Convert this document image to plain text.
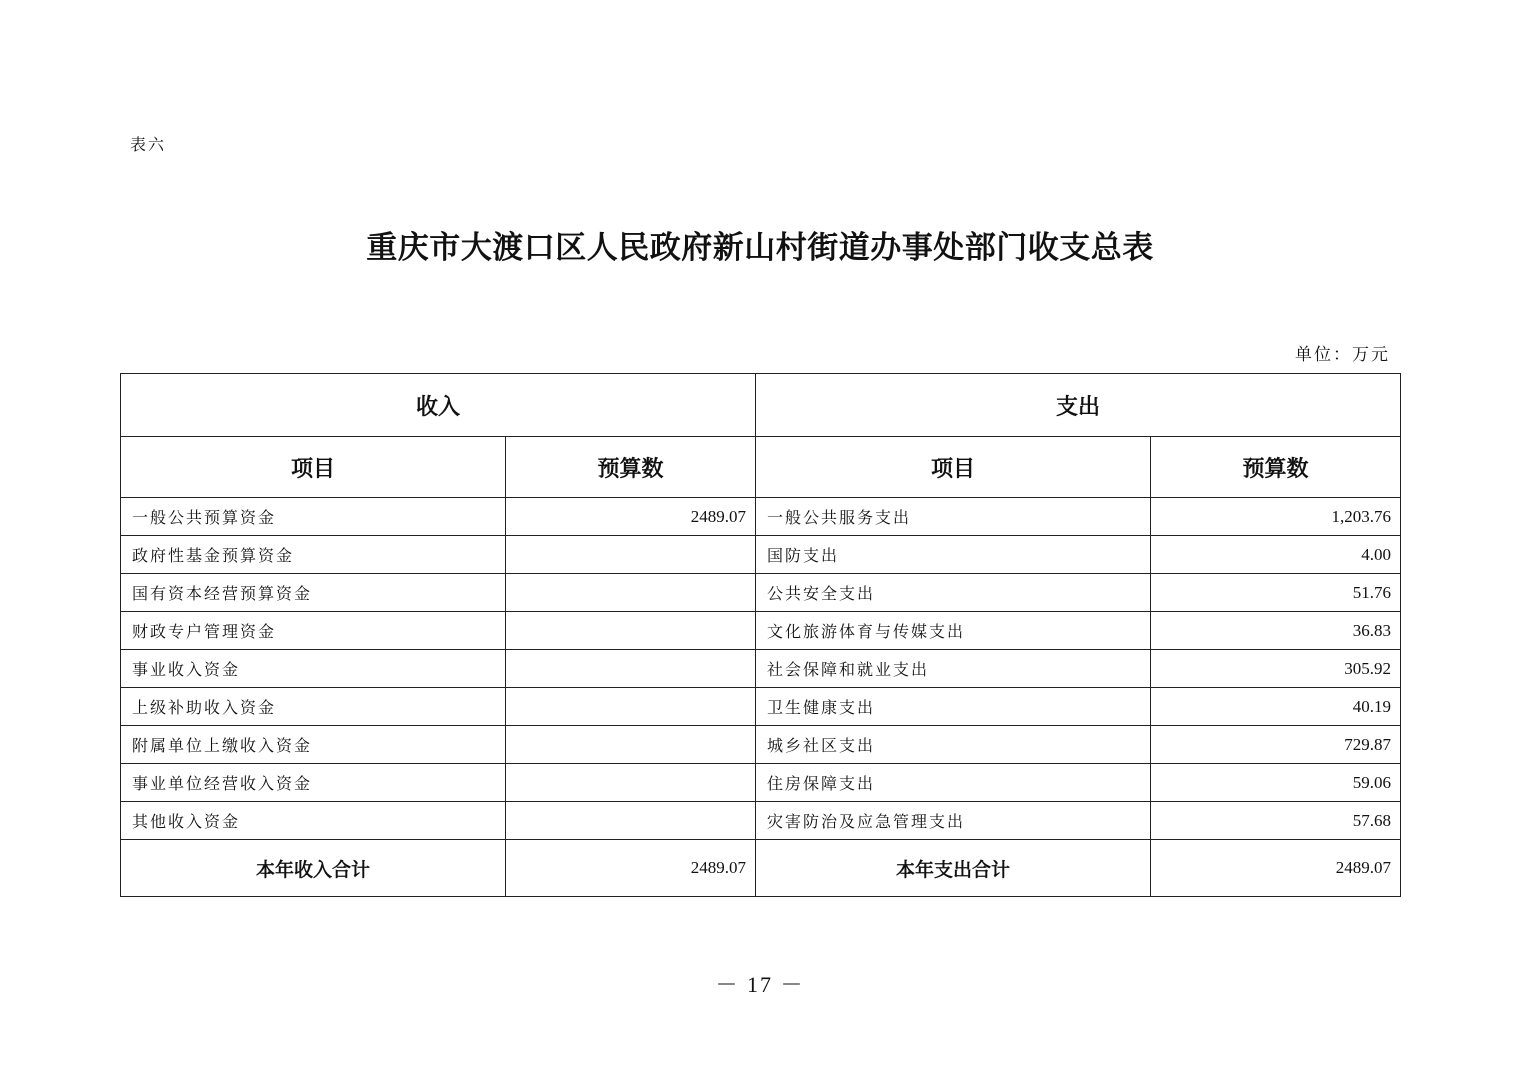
表六
重庆市大渡口区人民政府新山村街道办事处部门收支总表
单位：万元
收入		支出	
项目	预算数	项目	预算数
一般公共预算资金	2489.07	一般公共服务支出	1,203.76
政府性基金预算资金		国防支出	4.00
国有资本经营预算资金		公共安全支出	51.76
财政专户管理资金		文化旅游体育与传媒支出	36.83
事业收入资金		社会保障和就业支出	305.92
上级补助收入资金		卫生健康支出	40.19
附属单位上缴收入资金		城乡社区支出	729.87
事业单位经营收入资金		住房保障支出	59.06
其他收入资金		灾害防治及应急管理支出	57.68
本年收入合计	2489.07	本年支出合计	2489.07
－ 17 －
